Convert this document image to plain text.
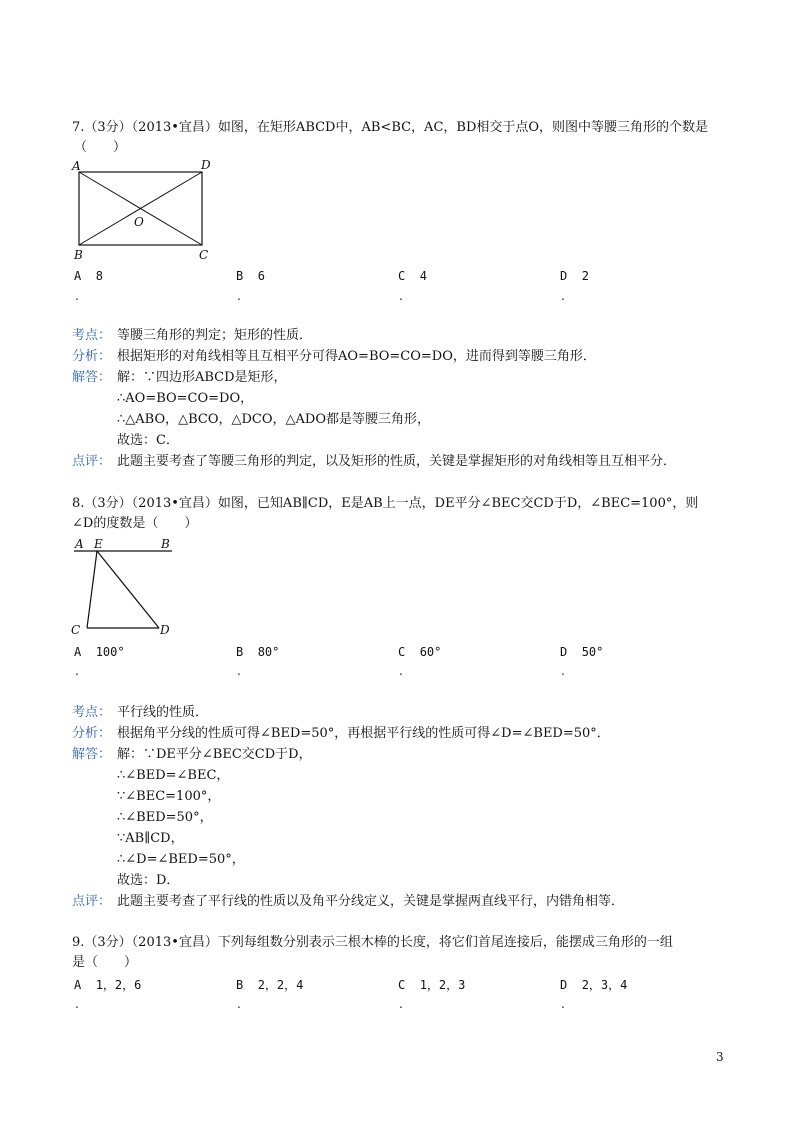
7.（3分）（2013•宜昌）如图，在矩形ABCD中，AB<BC，AC，BD相交于点O，则图中等腰三角形的个数是
（　　）
A	D
B	C
O
A 8	B 6	C 4	D 2
.	.	.	.
考点： 等腰三角形的判定；矩形的性质．
分析： 根据矩形的对角线相等且互相平分可得AO=BO=CO=DO，进而得到等腰三角形．
解答： 解：∵四边形ABCD是矩形，
∴AO=BO=CO=DO，
∴△ABO，△BCO，△DCO，△ADO都是等腰三角形，
故选：C．
点评： 此题主要考查了等腰三角形的判定，以及矩形的性质，关键是掌握矩形的对角线相等且互相平分．
8.（3分）（2013•宜昌）如图，已知AB∥CD，E是AB上一点，DE平分∠BEC交CD于D，∠BEC=100°，则
∠D的度数是（　　）
A E	B
C	D
A 100°	B 80°	C 60°	D 50°
.	.	.	.
考点： 平行线的性质．
分析： 根据角平分线的性质可得∠BED=50°，再根据平行线的性质可得∠D=∠BED=50°．
解答： 解：∵DE平分∠BEC交CD于D，
∴∠BED=∠BEC，
∵∠BEC=100°，
∴∠BED=50°，
∵AB∥CD，
∴∠D=∠BED=50°，
故选：D．
点评： 此题主要考查了平行线的性质以及角平分线定义，关键是掌握两直线平行，内错角相等．
9.（3分）（2013•宜昌）下列每组数分别表示三根木棒的长度，将它们首尾连接后，能摆成三角形的一组
是（　　）
A 1，2，6	B 2，2，4	C 1，2，3	D 2，3，4
.	.	.	.
3
